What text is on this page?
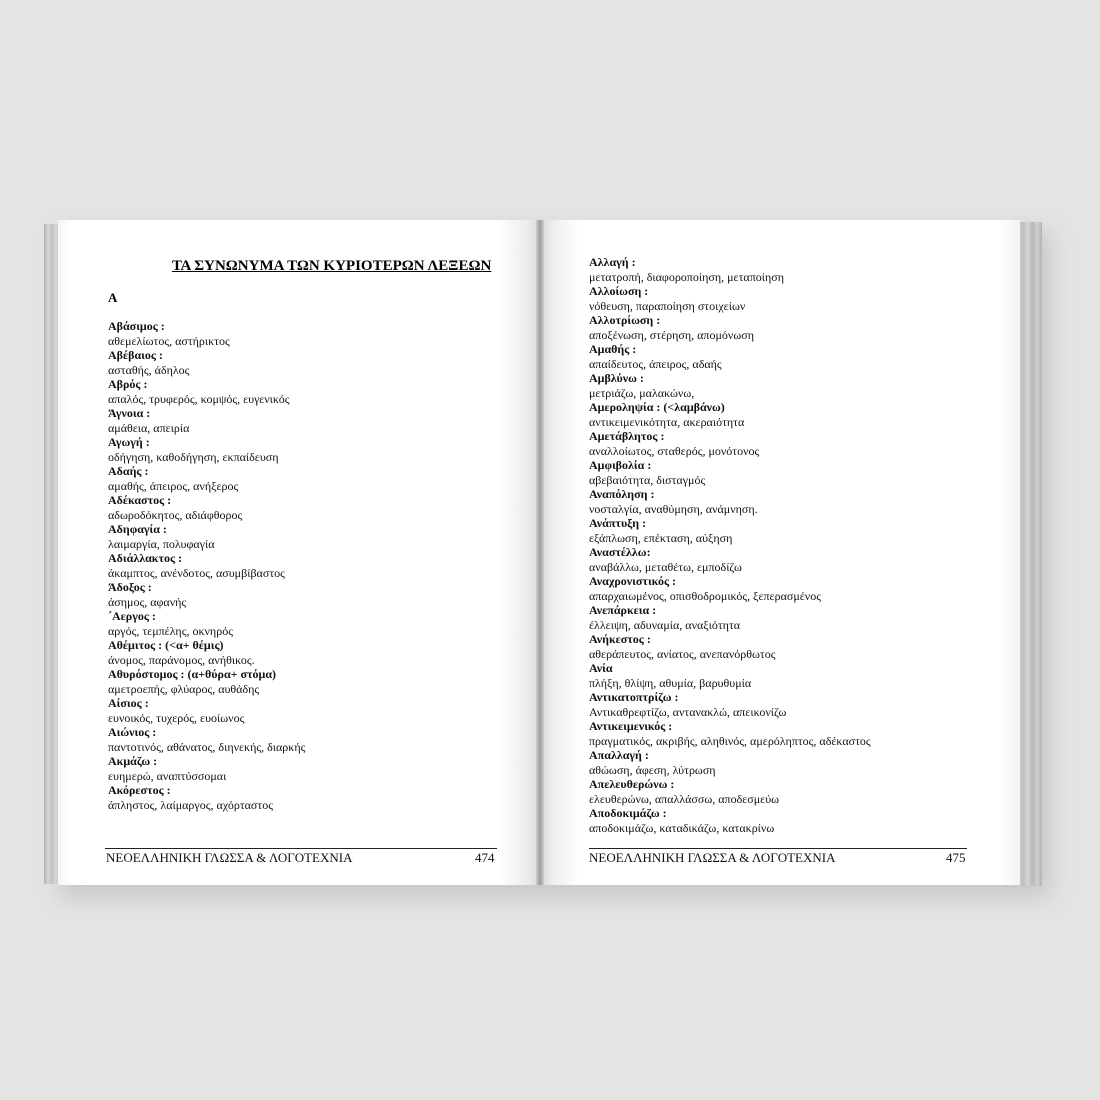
ΤΑ ΣΥΝΩΝΥΜΑ ΤΩΝ ΚΥΡΙΟΤΕΡΩΝ ΛΕΞΕΩΝ
Α
Αβάσιμος :
αθεμελίωτος, αστήρικτος
Αβέβαιος :
ασταθής, άδηλος
Αβρός :
απαλός, τρυφερός, κομψός, ευγενικός
Άγνοια :
αμάθεια, απειρία
Αγωγή :
οδήγηση, καθοδήγηση, εκπαίδευση
Αδαής :
αμαθής, άπειρος, ανήξερος
Αδέκαστος :
αδωροδόκητος, αδιάφθορος
Αδηφαγία :
λαιμαργία, πολυφαγία
Αδιάλλακτος :
άκαμπτος, ανένδοτος, ασυμβίβαστος
Άδοξος :
άσημος, αφανής
΄Αεργος :
αργός, τεμπέλης, οκνηρός
Αθέμιτος : (<α+ θέμις)
άνομος, παράνομος, ανήθικος.
Αθυρόστομος : (α+θύρα+ στόμα)
αμετροεπής, φλύαρος, αυθάδης
Αίσιος :
ευνοικός, τυχερός, ευοίωνος
Αιώνιος :
παντοτινός, αθάνατος, διηνεκής, διαρκής
Ακμάζω :
ευημερώ, αναπτύσσομαι
Ακόρεστος :
άπληστος, λαίμαργος, αχόρταστος
Αλλαγή :
μετατροπή, διαφοροποίηση, μεταποίηση
Αλλοίωση :
νόθευση, παραποίηση στοιχείων
Αλλοτρίωση :
αποξένωση, στέρηση, απομόνωση
Αμαθής :
απαίδευτος, άπειρος, αδαής
Αμβλύνω :
μετριάζω, μαλακώνω,
Αμεροληψία : (<λαμβάνω)
αντικειμενικότητα, ακεραιότητα
Αμετάβλητος :
αναλλοίωτος, σταθερός, μονότονος
Αμφιβολία :
αβεβαιότητα, δισταγμός
Αναπόληση :
νοσταλγία, αναθύμηση, ανάμνηση.
Ανάπτυξη :
εξάπλωση, επέκταση, αύξηση
Αναστέλλω:
αναβάλλω, μεταθέτω, εμποδίζω
Αναχρονιστικός :
απαρχαιωμένος, οπισθοδρομικός, ξεπερασμένος
Ανεπάρκεια :
έλλειψη, αδυναμία, αναξιότητα
Ανήκεστος :
αθεράπευτος, ανίατος, ανεπανόρθωτος
Ανία
πλήξη, θλίψη, αθυμία, βαρυθυμία
Αντικατοπτρίζω :
Αντικαθρεφτίζω, αντανακλώ, απεικονίζω
Αντικειμενικός :
πραγματικός, ακριβής, αληθινός, αμερόληπτος, αδέκαστος
Απαλλαγή :
αθώωση, άφεση, λύτρωση
Απελευθερώνω :
ελευθερώνω, απαλλάσσω, αποδεσμεύω
Αποδοκιμάζω :
αποδοκιμάζω, καταδικάζω, κατακρίνω
ΝΕΟΕΛΛΗΝΙΚΗ ΓΛΩΣΣΑ & ΛΟΓΟΤΕΧΝΙΑ	474	ΝΕΟΕΛΛΗΝΙΚΗ ΓΛΩΣΣΑ & ΛΟΓΟΤΕΧΝΙΑ	475
